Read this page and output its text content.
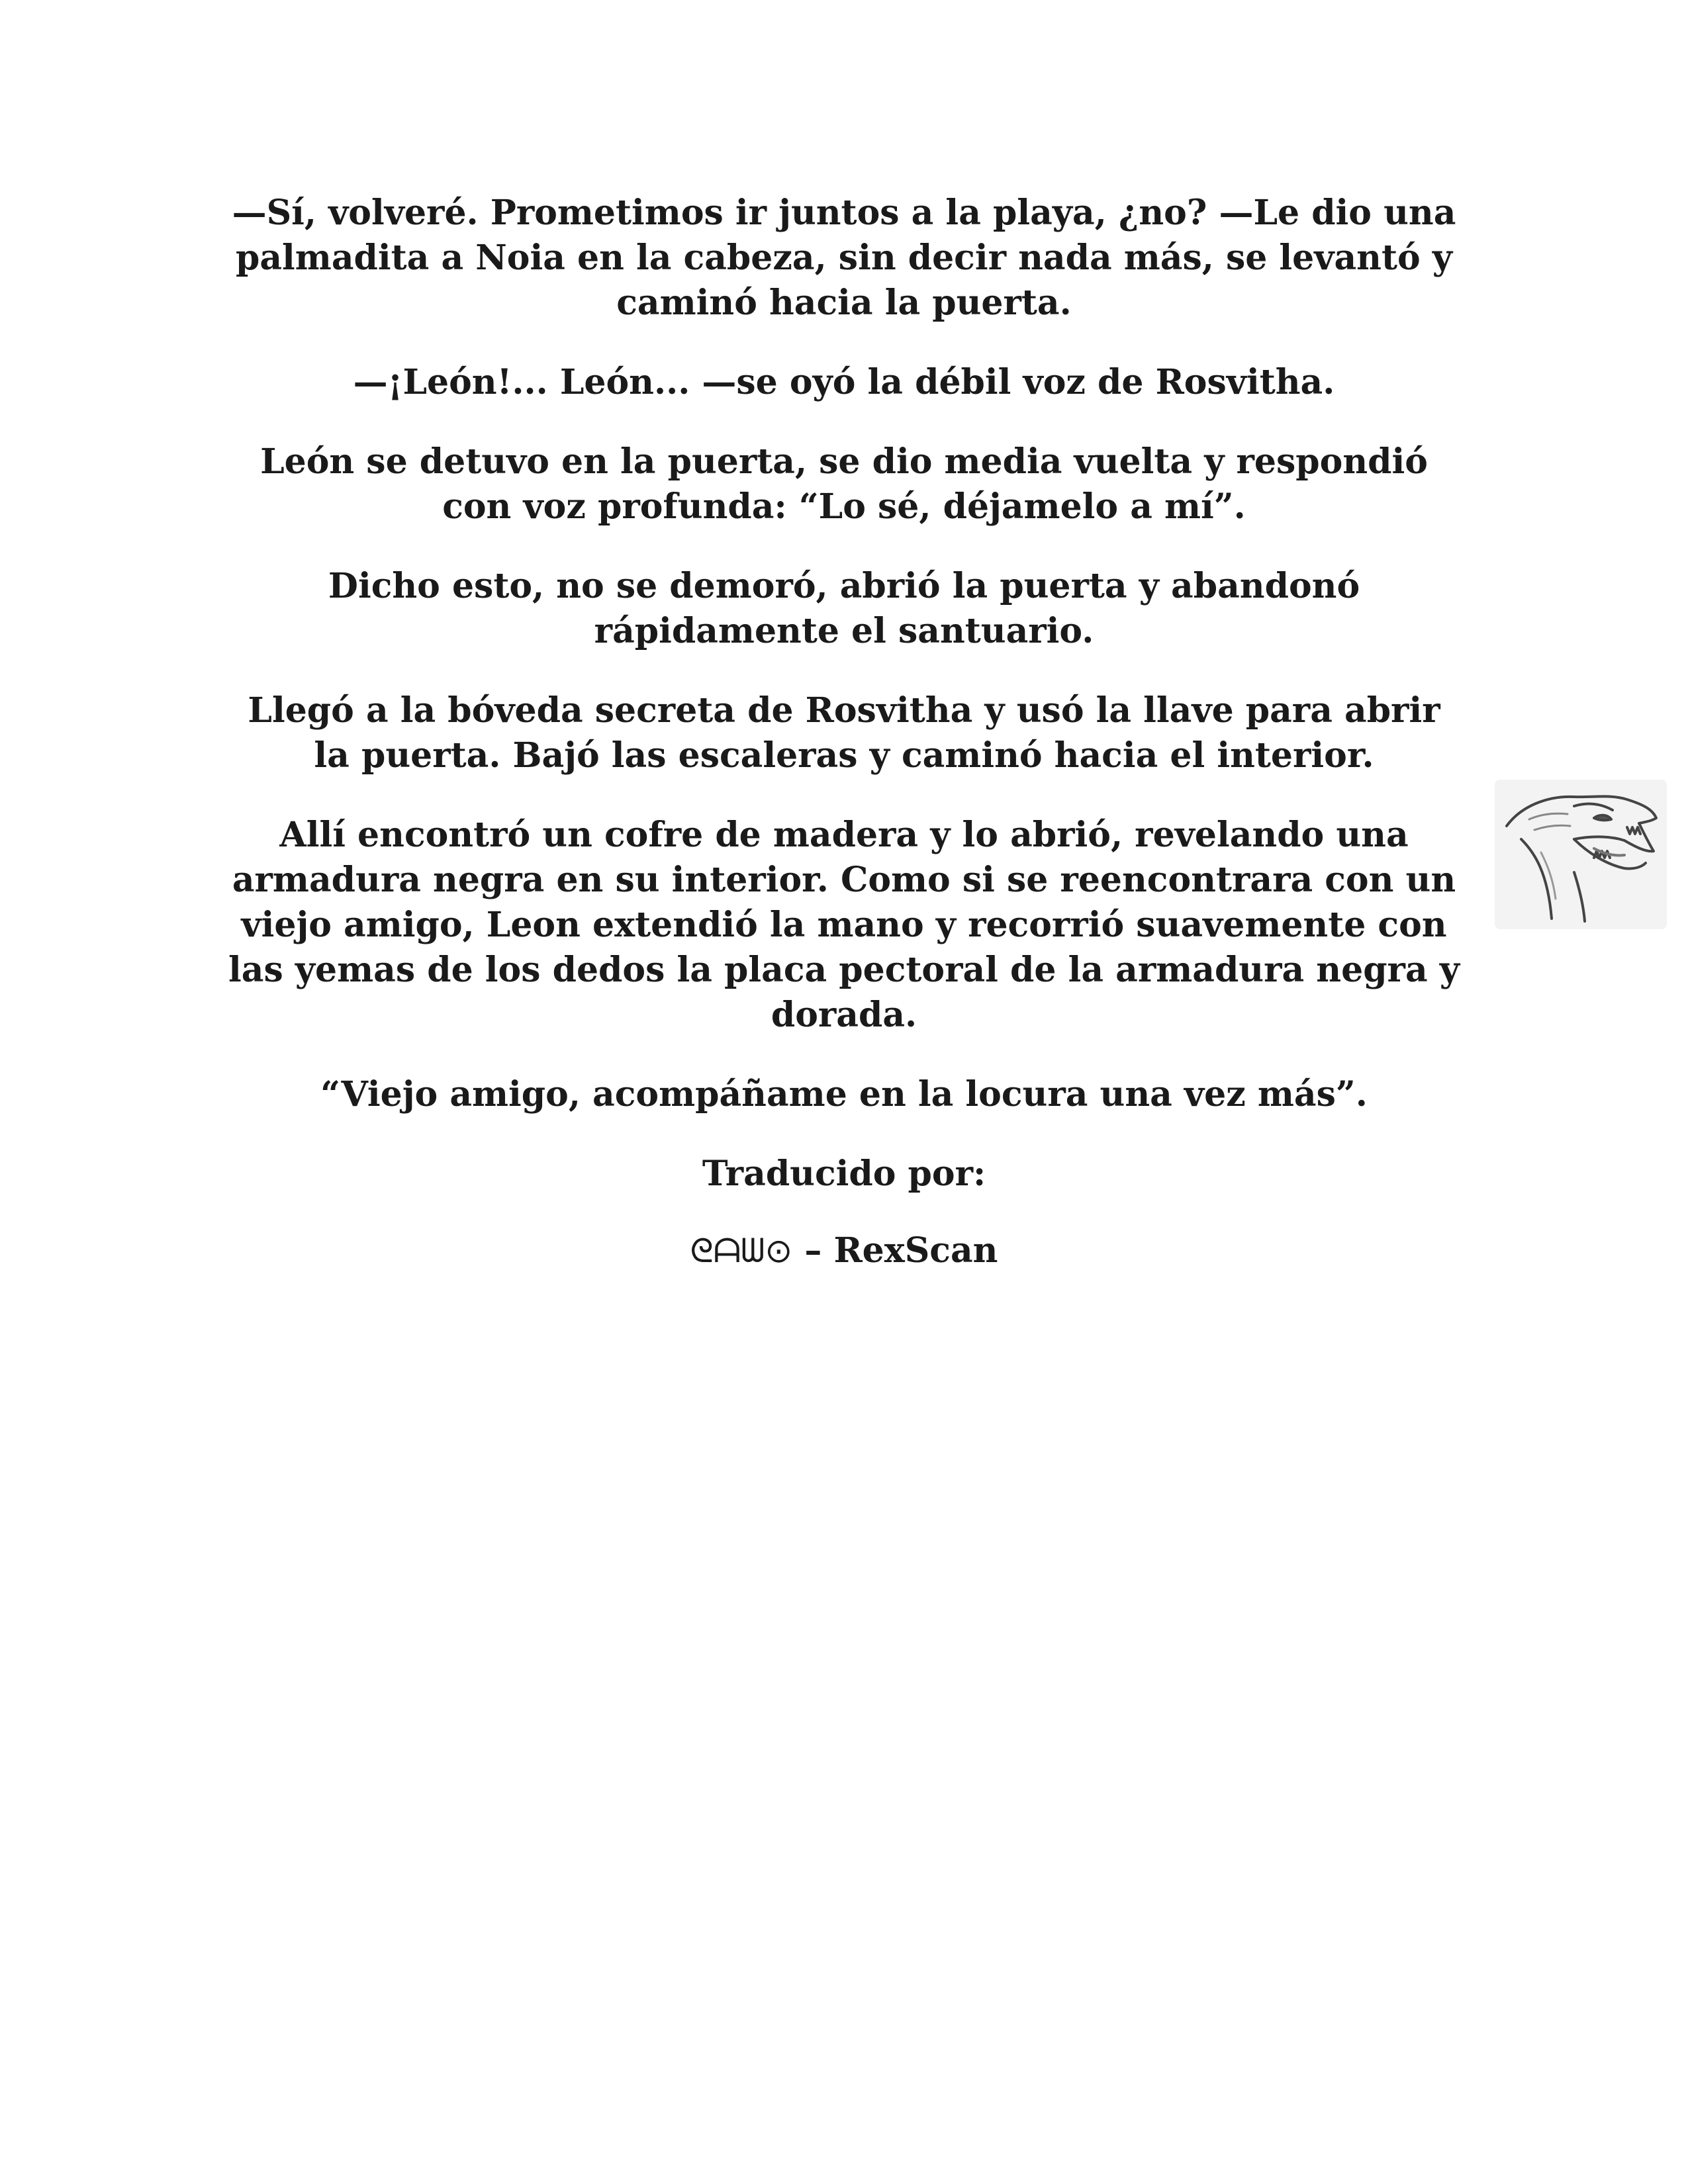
—Sí, volveré. Prometimos ir juntos a la playa, ¿no? —Le dio una palmadita a Noia en la cabeza, sin decir nada más, se levantó y caminó hacia la puerta.

—¡León!... León... —se oyó la débil voz de Rosvitha.

León se detuvo en la puerta, se dio media vuelta y respondió con voz profunda: “Lo sé, déjamelo a mí”.

Dicho esto, no se demoró, abrió la puerta y abandonó rápidamente el santuario.

Llegó a la bóveda secreta de Rosvitha y usó la llave para abrir la puerta. Bajó las escaleras y caminó hacia el interior.

Allí encontró un cofre de madera y lo abrió, revelando una armadura negra en su interior. Como si se reencontrara con un viejo amigo, Leon extendió la mano y recorrió suavemente con las yemas de los dedos la placa pectoral de la armadura negra y dorada.

“Viejo amigo, acompáñame en la locura una vez más”.

Traducido por:

ᘓᗩᗯ⊙ – RexScan
